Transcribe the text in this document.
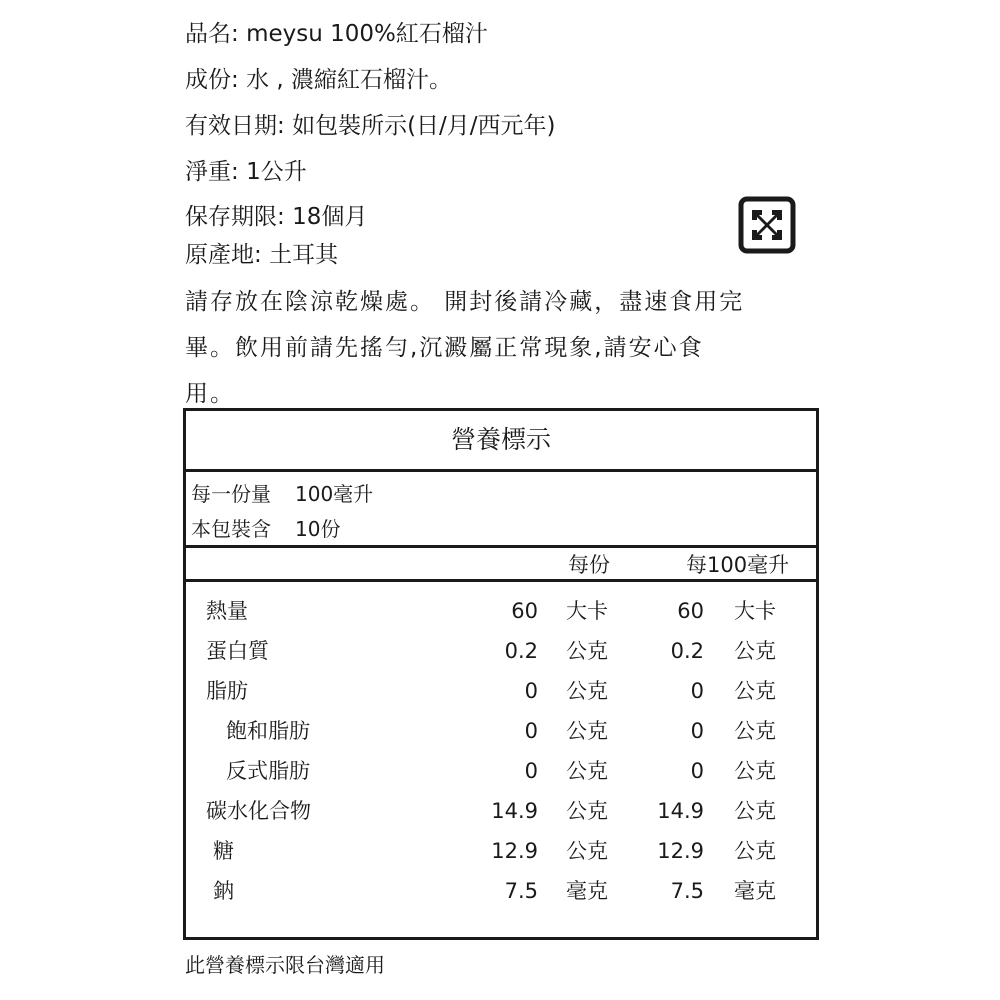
品名 : meysu 100%紅石榴汁
成份 : 水 , 濃縮紅石榴汁。
有效日期 : 如包裝所示(日/月/西元年)
淨重 : 1公升
保存期限 : 18個月
原產地 : 土耳其
請存放在陰涼乾燥處。 開封後請冷藏，盡速食用完
畢。飲用前請先搖勻,沉澱屬正常現象,請安心食
用。
營養標示
每一份量 100毫升
本包裝含 10份
每份	每100毫升
熱量	60 大卡	60 大卡
蛋白質	0.2 公克	0.2 公克
脂肪	0 公克	0 公克
飽和脂肪	0 公克	0 公克
反式脂肪	0 公克	0 公克
碳水化合物	14.9 公克 14.9 公克
糖	12.9 公克 12.9 公克
鈉	7.5 毫克	7.5 毫克
此營養標示限台灣適用
